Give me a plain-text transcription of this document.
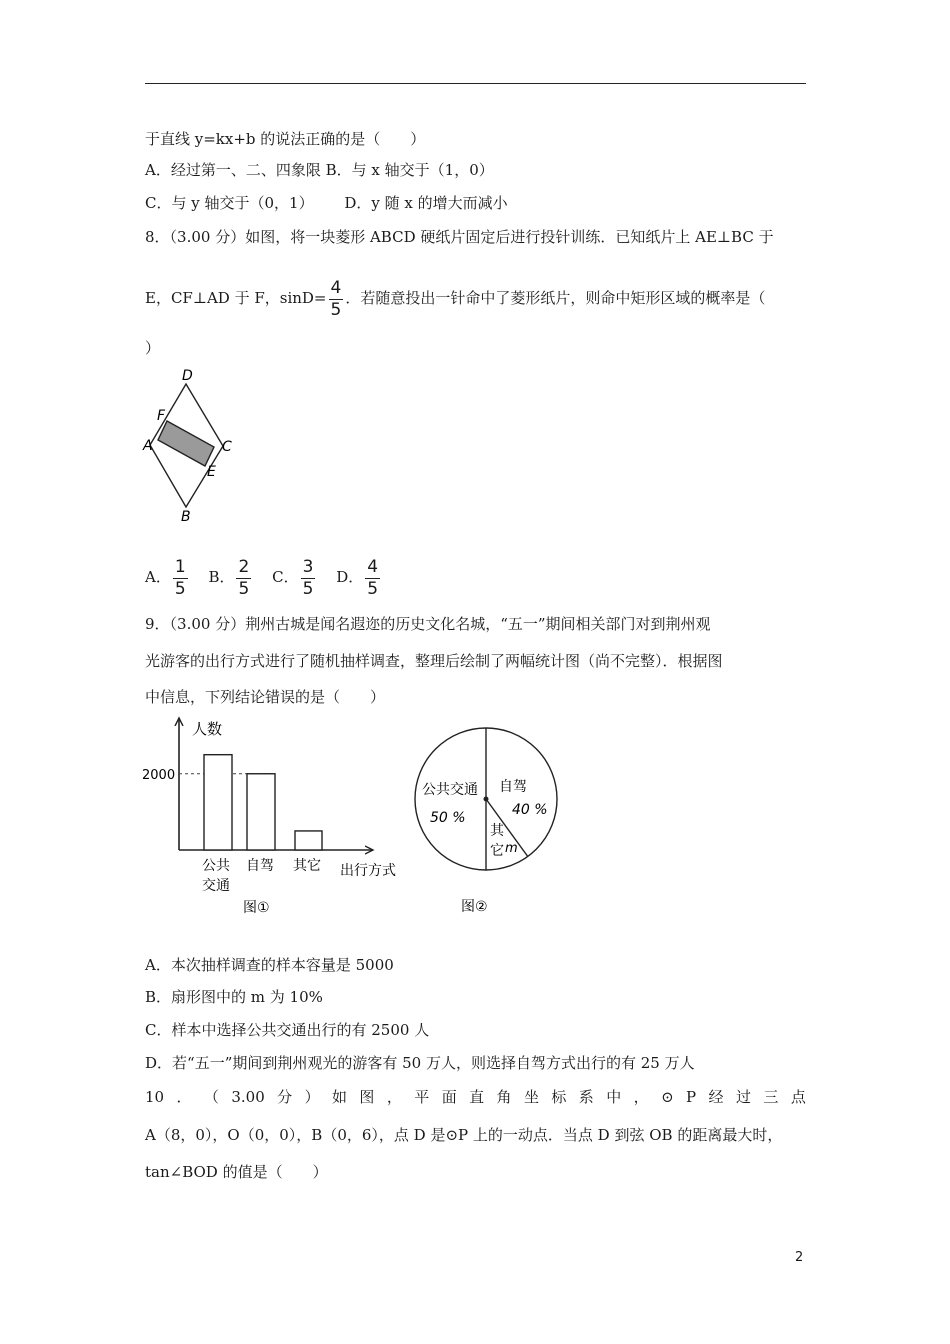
于直线 y=kx+b 的说法正确的是（　　）
A．经过第一、二、四象限 B．与 x 轴交于（1，0）
C．与 y 轴交于（0，1） D．y 随 x 的增大而减小
8．（3.00 分）如图，将一块菱形 ABCD 硬纸片固定后进行投针训练．已知纸片上 AE⊥BC 于
E，CF⊥AD 于 F，$\sin D= \frac{4}{5}$ ．若随意投出一针命中了菱形纸片，则命中矩形区域的概率是（
）
D
F
A	C
E
B
A． $\frac{1}{5}$ B． $\frac{2}{5}$ C． $\frac{3}{5}$ D． $\frac{4}{5}$
9．（3.00 分）荆州古城是闻名遐迩的历史文化名城，“五一”期间相关部门对到荆州观
光游客的出行方式进行了随机抽样调查，整理后绘制了两幅统计图（尚不完整）．根据图
中信息，下列结论错误的是（　　）
2000
人数
公共
交通
自驾 其它 出行方式
图①
公共交通
50 %
自驾
40 %
其
它 m
图②
A．本次抽样调查的样本容量是 5000
B．扇形图中的 m 为 10%
C．样本中选择公共交通出行的有 2500 人
D．若“五一”期间到荆州观光的游客有 50 万人，则选择自驾方式出行的有 25 万人
10 ． （ 3.00 分 ） 如 图 ， 平 面 直 角 坐 标 系 中 ， ⊙ P 经 过 三 点
A（8，0），O（0，0），B（0，6），点 D 是⊙P 上的一动点．当点 D 到弦 OB 的距离最大时，
tan∠BOD 的值是（　　）
2
